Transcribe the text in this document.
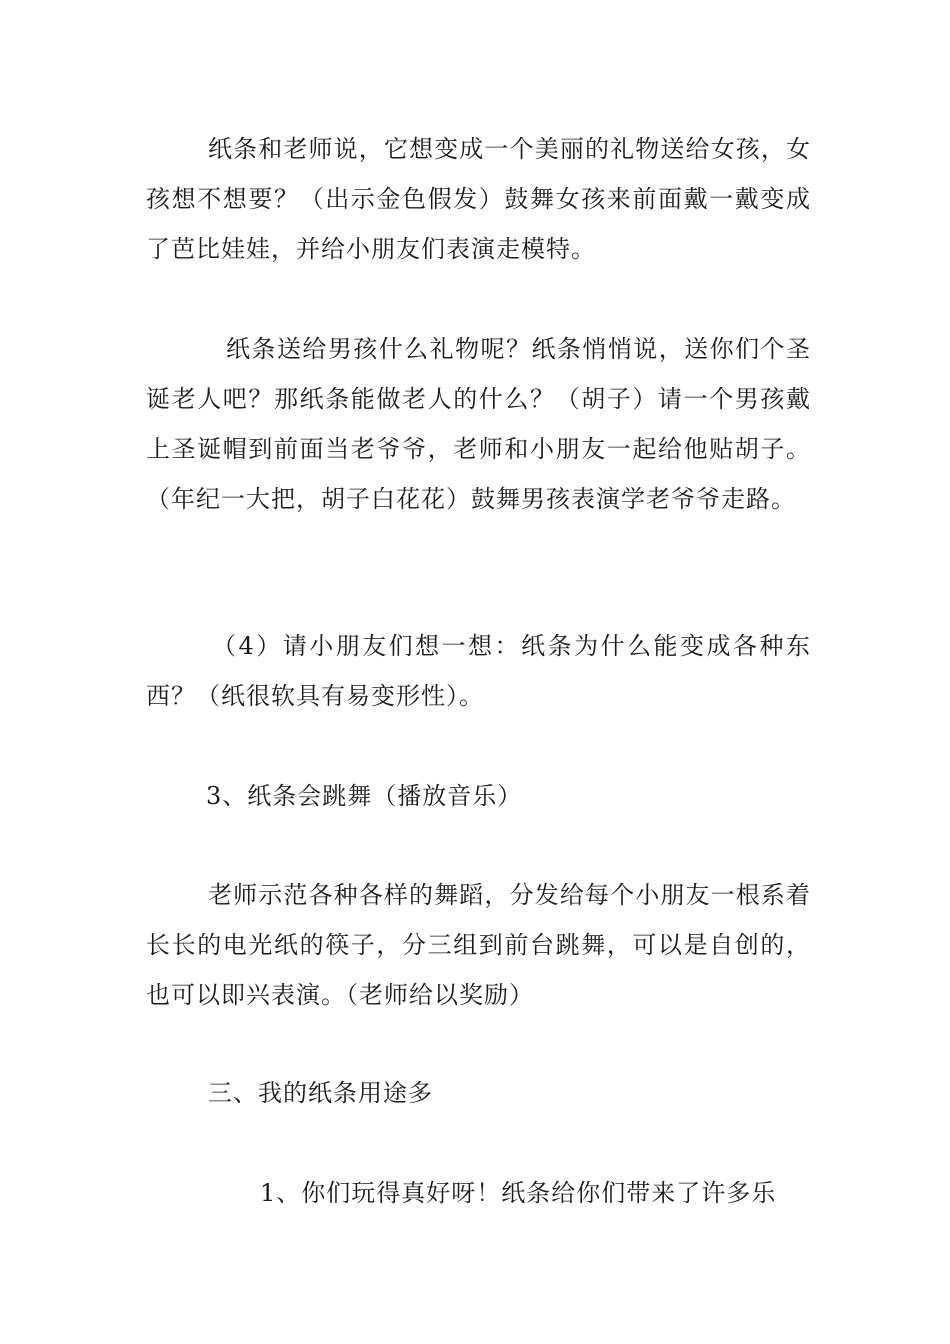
纸条和老师说，它想变成一个美丽的礼物送给女孩，女孩想不想要？（出示金色假发）鼓舞女孩来前面戴一戴变成了芭比娃娃，并给小朋友们表演走模特。

纸条送给男孩什么礼物呢？纸条悄悄说，送你们个圣诞老人吧？那纸条能做老人的什么？（胡子）请一个男孩戴上圣诞帽到前面当老爷爷，老师和小朋友一起给他贴胡子。（年纪一大把，胡子白花花）鼓舞男孩表演学老爷爷走路。

（4）请小朋友们想一想：纸条为什么能变成各种东西？（纸很软具有易变形性）。

3、纸条会跳舞（播放音乐）

老师示范各种各样的舞蹈，分发给每个小朋友一根系着长长的电光纸的筷子，分三组到前台跳舞，可以是自创的，也可以即兴表演。（老师给以奖励）

三、我的纸条用途多

1、你们玩得真好呀！纸条给你们带来了许多乐
